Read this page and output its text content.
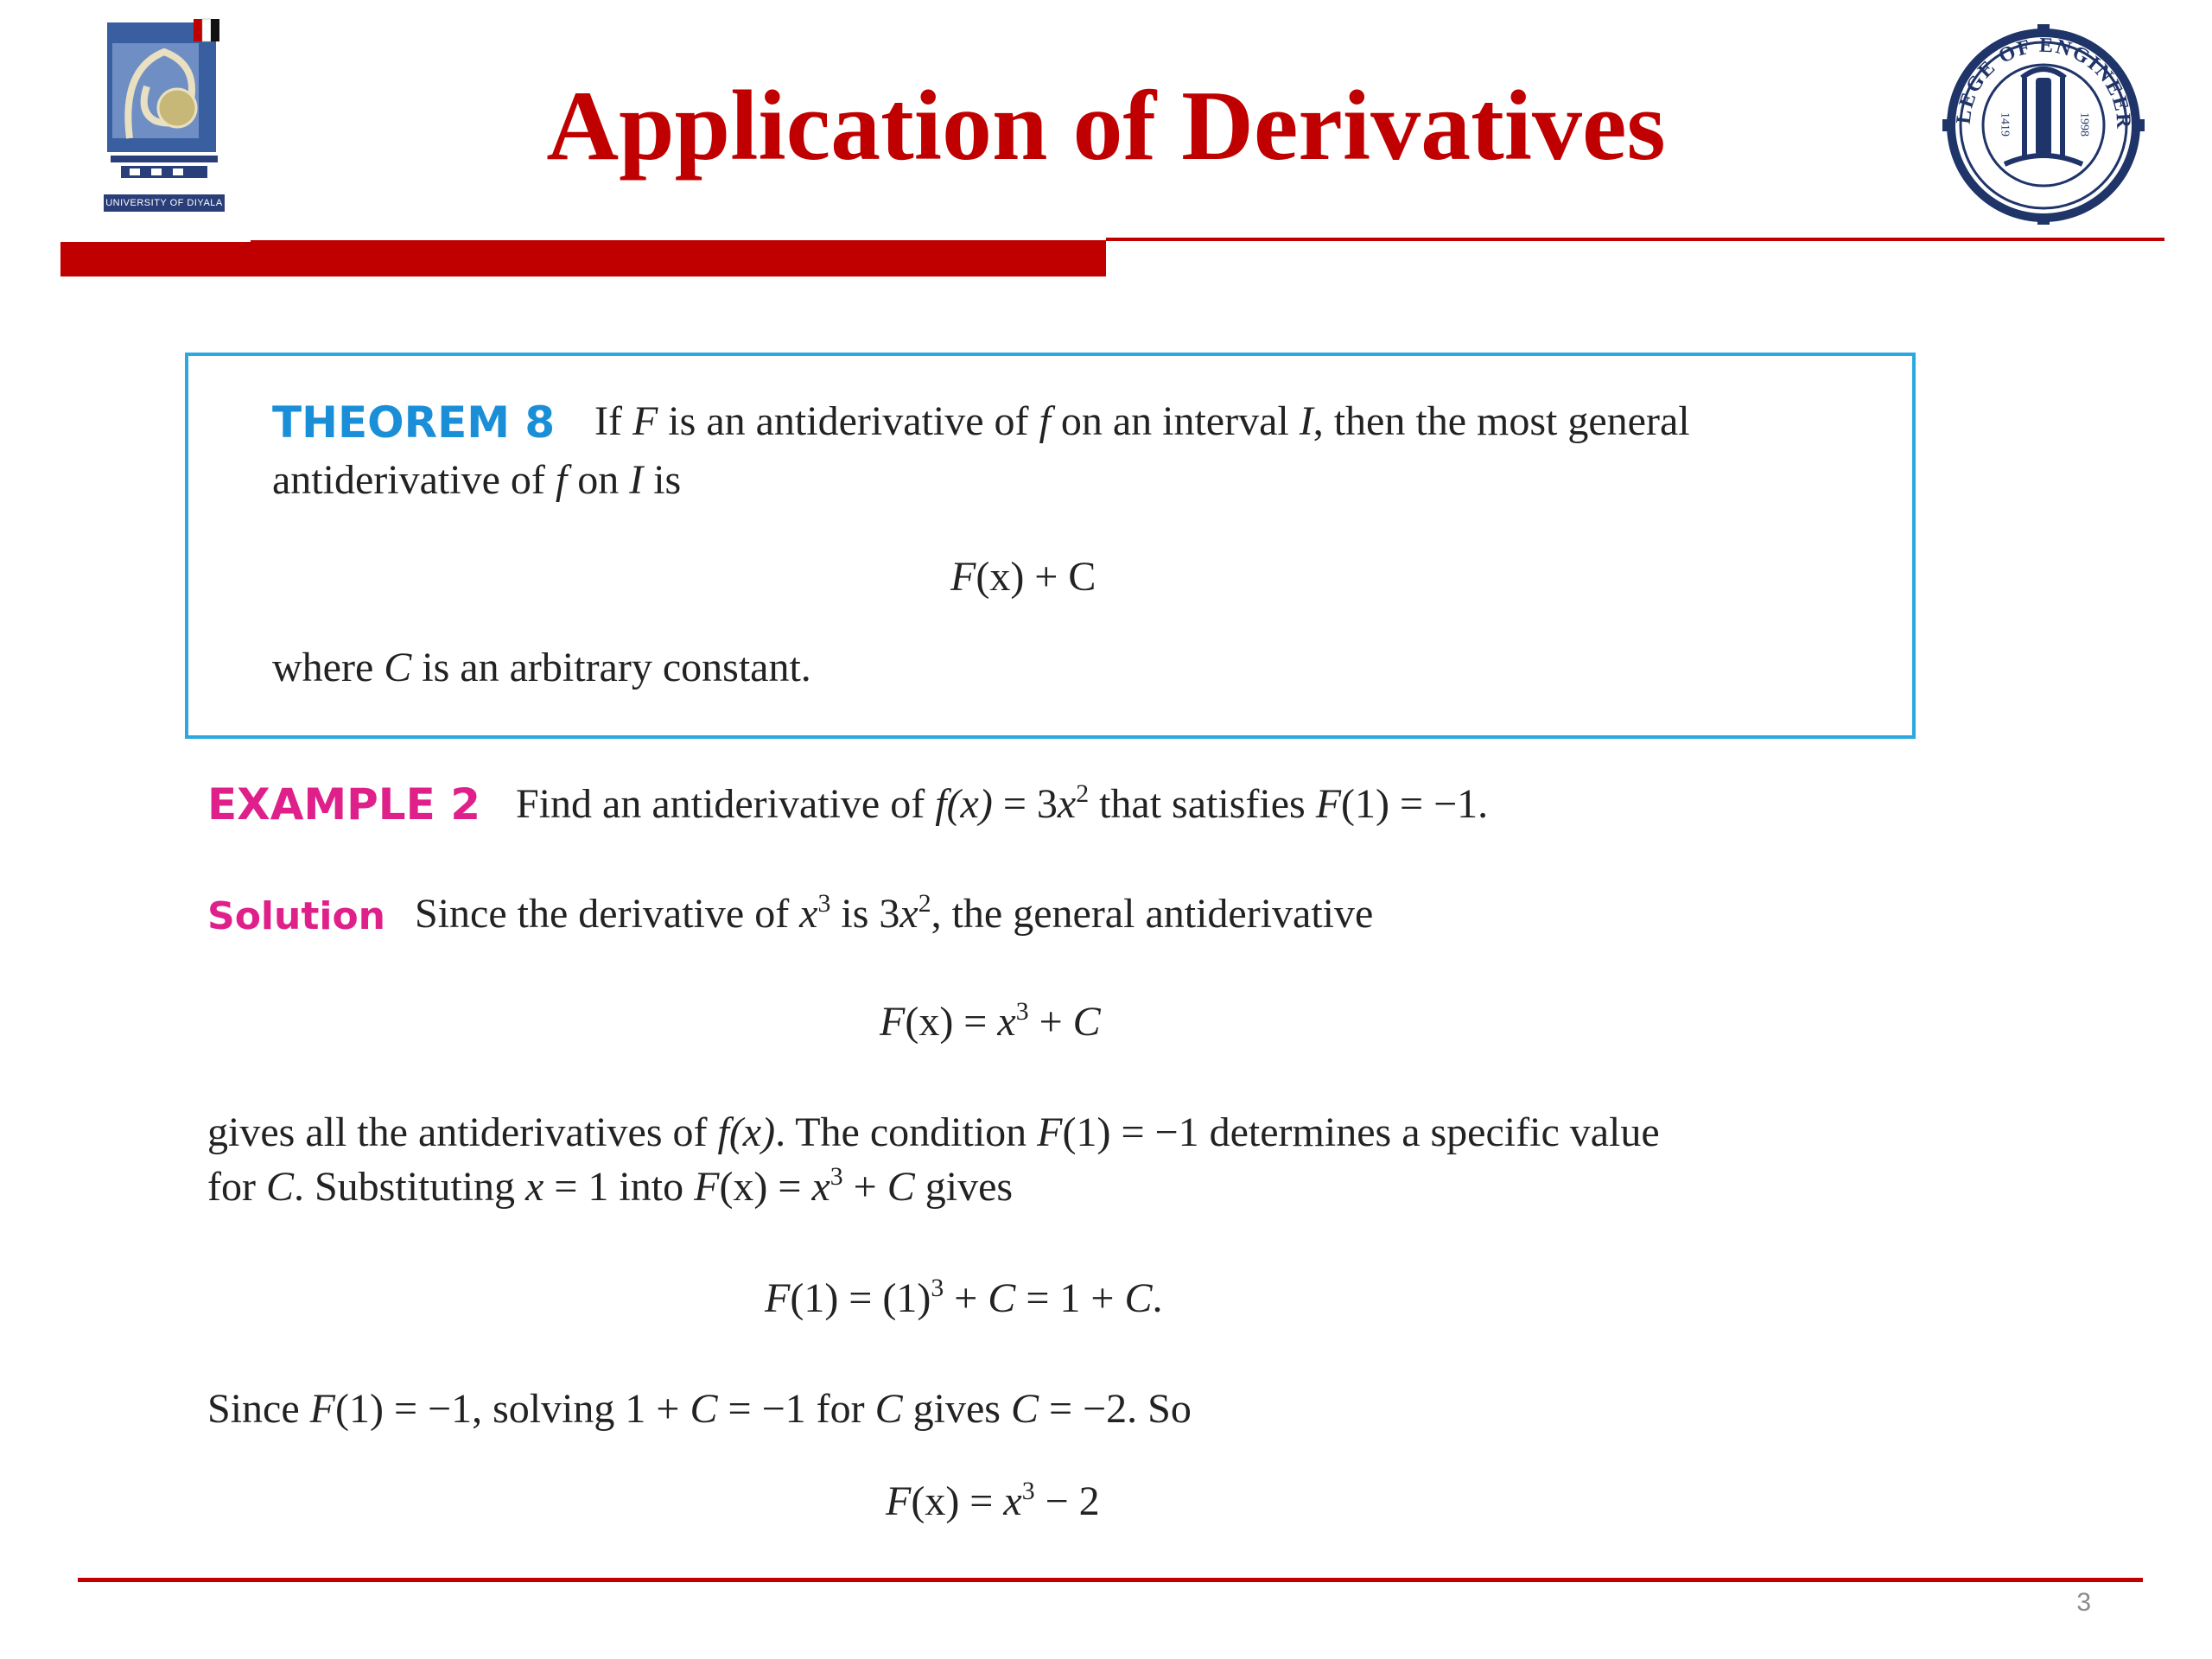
UNIVERSITY OF DIYALA
Application of Derivatives	LEGE OF ENGINEER
1419	1998
THEOREM 8 If F is an antiderivative of f on an interval I, then the most general
antiderivative of f on I is
F(x) + C
where C is an arbitrary constant.
EXAMPLE 2 Find an antiderivative of $f(x) = 3x^2$ that satisfies F(1) = −1.
Solution Since the derivative of $x^3$ is $3x^2$, the general antiderivative
$F(x) = x^3 + C$
gives all the antiderivatives of f(x). The condition F(1) = −1 determines a specific value
for C. Substituting x = 1 into $F(x) = x^3 + C$ gives
$F(1) = (1)^3 + C = 1 + C$.
Since F(1) = −1, solving 1 + C = −1 for C gives C = −2. So
$F(x) = x^3 - 2$
3
